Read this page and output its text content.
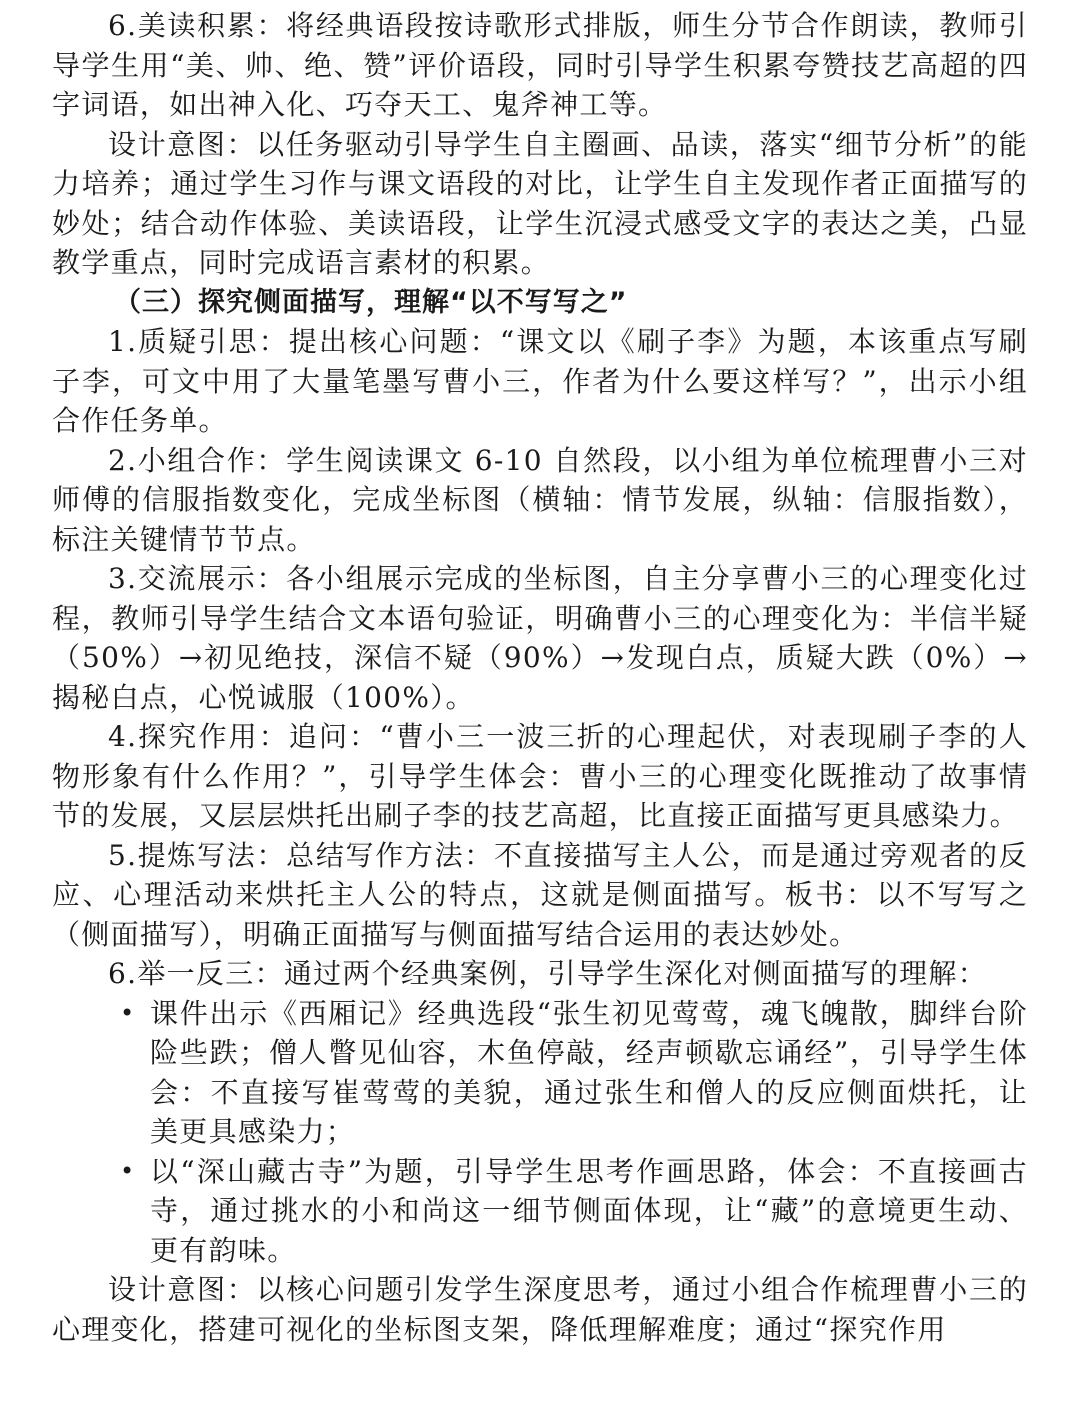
6.美读积累：将经典语段按诗歌形式排版，师生分节合作朗读，教师引导学生用“美、帅、绝、赞”评价语段，同时引导学生积累夸赞技艺高超的四字词语，如出神入化、巧夺天工、鬼斧神工等。

设计意图：以任务驱动引导学生自主圈画、品读，落实“细节分析”的能力培养；通过学生习作与课文语段的对比，让学生自主发现作者正面描写的妙处；结合动作体验、美读语段，让学生沉浸式感受文字的表达之美，凸显教学重点，同时完成语言素材的积累。

（三）探究侧面描写，理解“以不写写之”

1.质疑引思：提出核心问题：“课文以《刷子李》为题，本该重点写刷子李，可文中用了大量笔墨写曹小三，作者为什么要这样写？”，出示小组合作任务单。

2.小组合作：学生阅读课文 6-10 自然段，以小组为单位梳理曹小三对师傅的信服指数变化，完成坐标图（横轴：情节发展，纵轴：信服指数），标注关键情节节点。

3.交流展示：各小组展示完成的坐标图，自主分享曹小三的心理变化过程，教师引导学生结合文本语句验证，明确曹小三的心理变化为：半信半疑（50%）→初见绝技，深信不疑（90%）→发现白点，质疑大跌（0%）→揭秘白点，心悦诚服（100%）。

4.探究作用：追问：“曹小三一波三折的心理起伏，对表现刷子李的人物形象有什么作用？”，引导学生体会：曹小三的心理变化既推动了故事情节的发展，又层层烘托出刷子李的技艺高超，比直接正面描写更具感染力。

5.提炼写法：总结写作方法：不直接描写主人公，而是通过旁观者的反应、心理活动来烘托主人公的特点，这就是侧面描写。板书：以不写写之（侧面描写），明确正面描写与侧面描写结合运用的表达妙处。

6.举一反三：通过两个经典案例，引导学生深化对侧面描写的理解：

• 课件出示《西厢记》经典选段“张生初见莺莺，魂飞魄散，脚绊台阶险些跌；僧人瞥见仙容，木鱼停敲，经声顿歇忘诵经”，引导学生体会：不直接写崔莺莺的美貌，通过张生和僧人的反应侧面烘托，让美更具感染力；
• 以“深山藏古寺”为题，引导学生思考作画思路，体会：不直接画古寺，通过挑水的小和尚这一细节侧面体现，让“藏”的意境更生动、更有韵味。

设计意图：以核心问题引发学生深度思考，通过小组合作梳理曹小三的心理变化，搭建可视化的坐标图支架，降低理解难度；通过“探究作用
